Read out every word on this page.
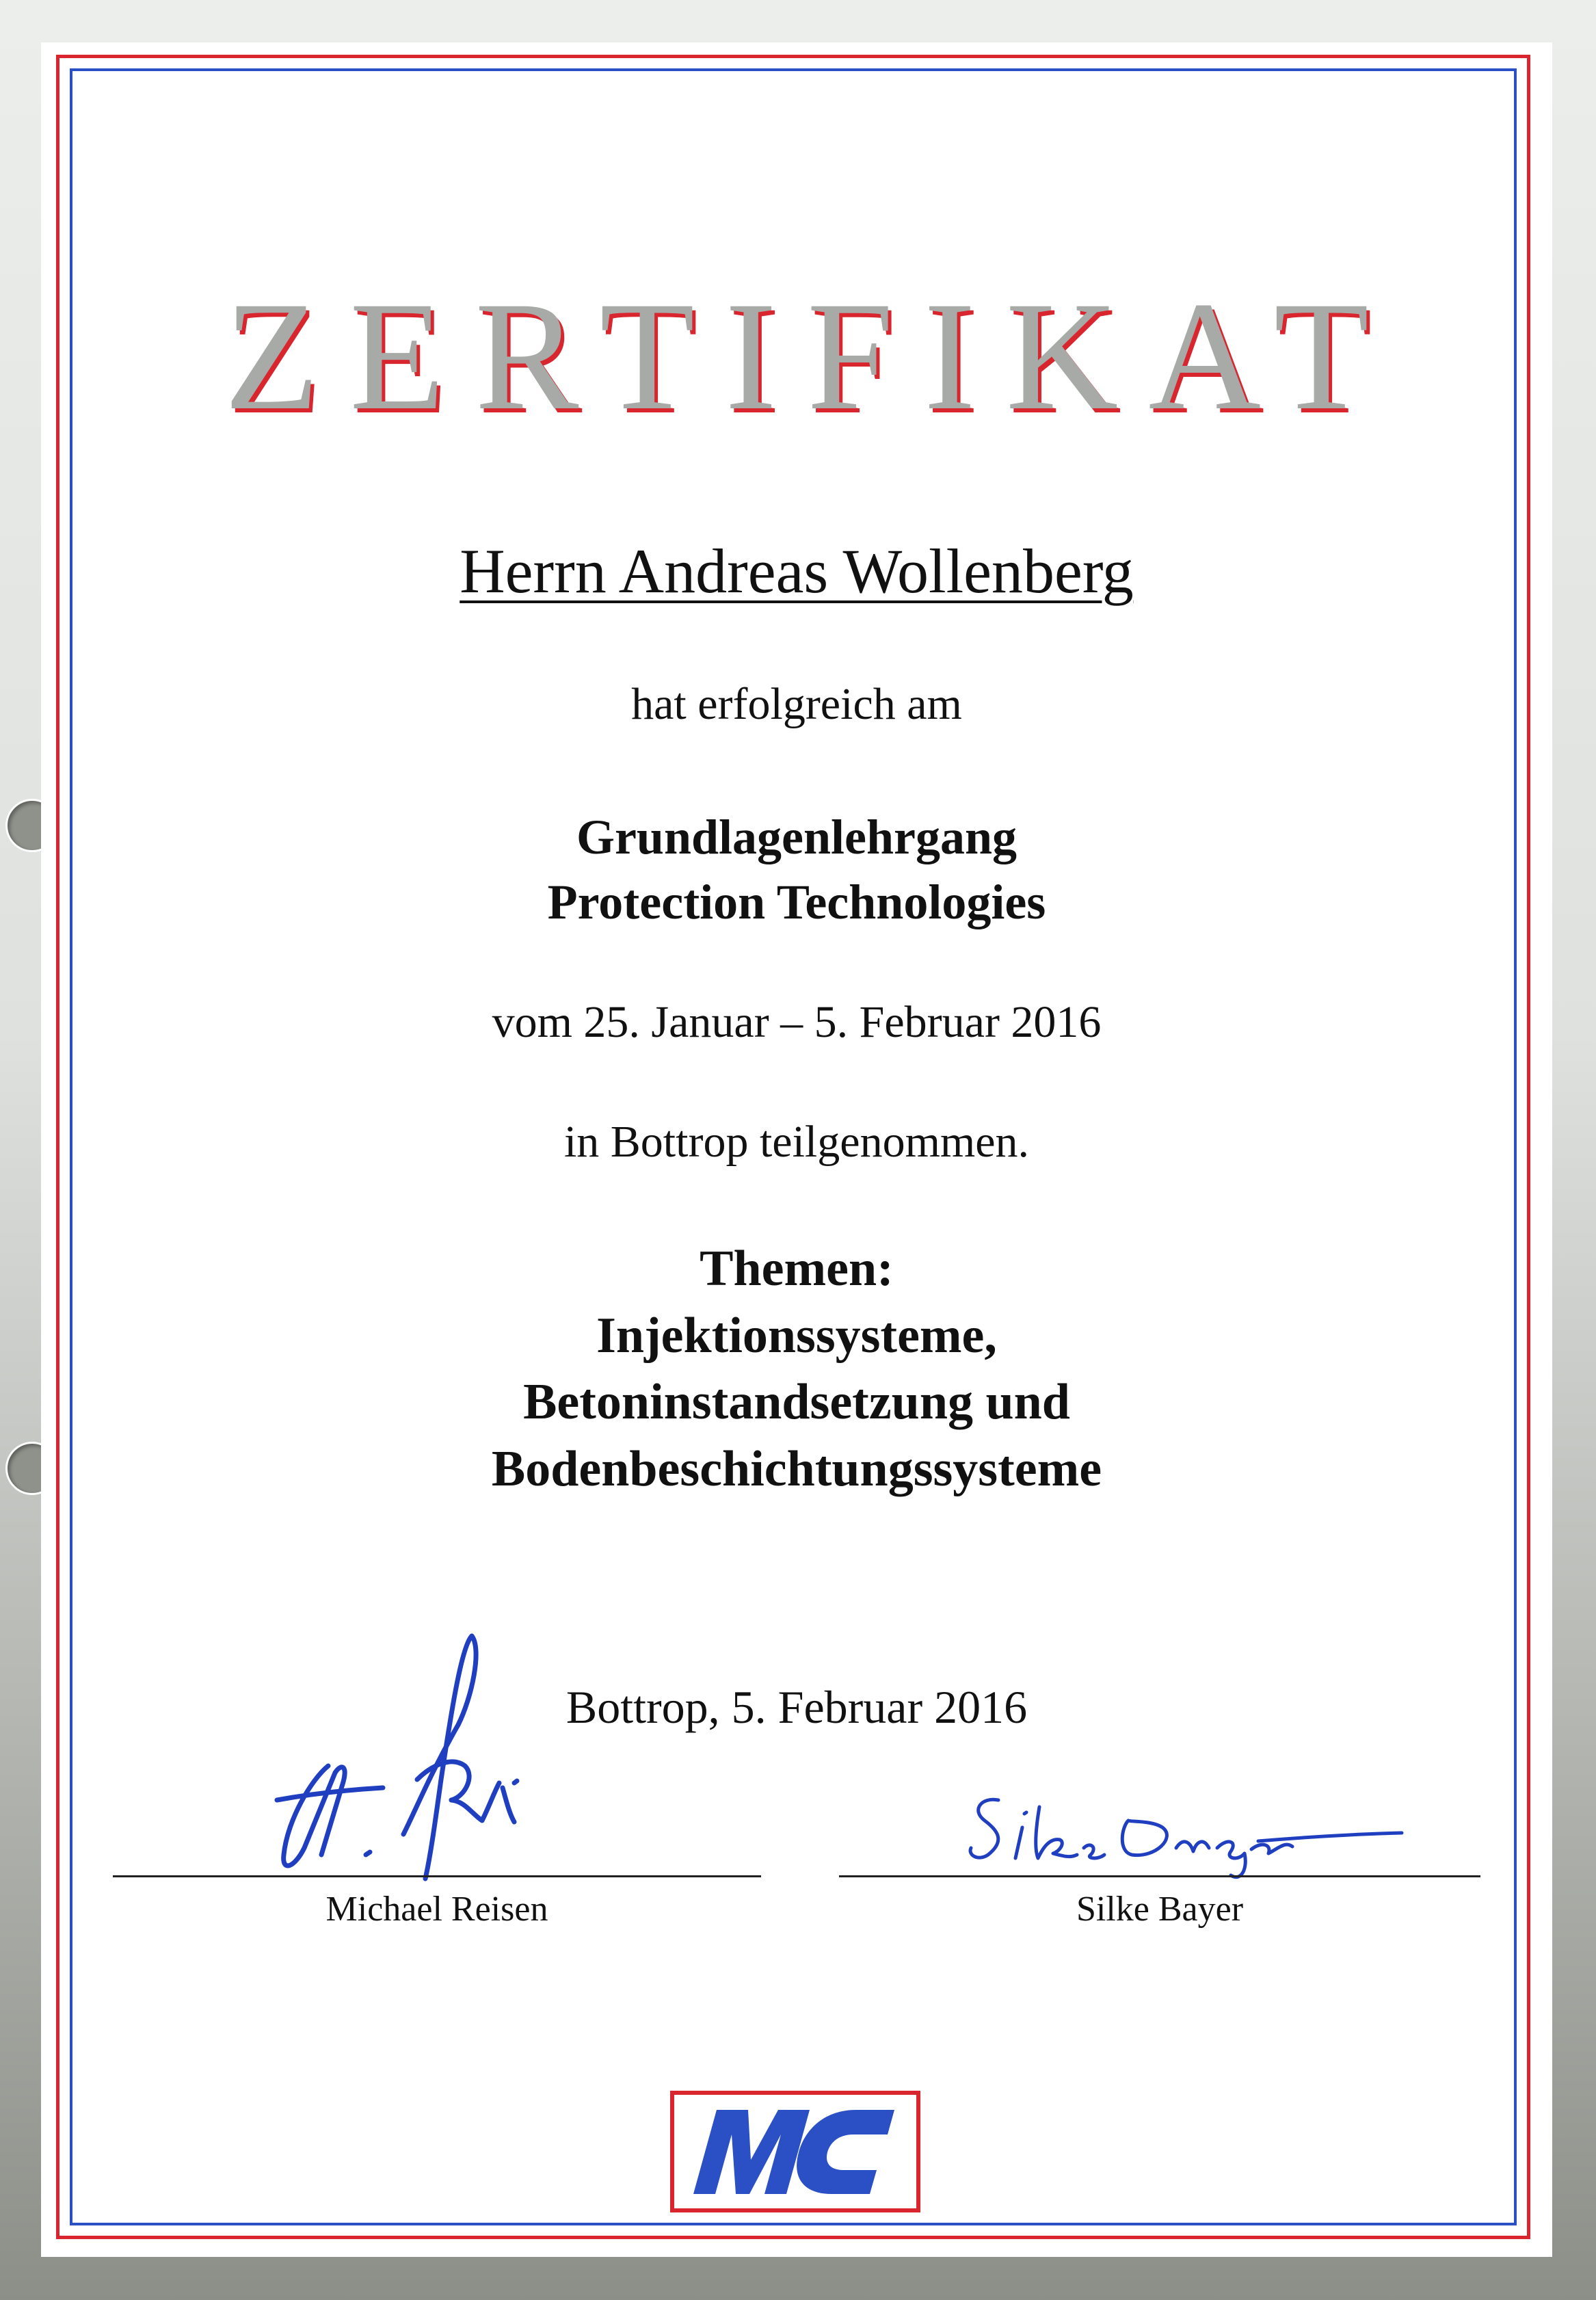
ZERTIFIKAT
Herrn Andreas Wollenberg
hat erfolgreich am
Grundlagenlehrgang
Protection Technologies
vom 25. Januar – 5. Februar 2016
in Bottrop teilgenommen.
Themen:
Injektionssysteme,
Betoninstandsetzung und
Bodenbeschichtungssysteme
Bottrop, 5. Februar 2016
Michael Reisen	Silke Bayer
